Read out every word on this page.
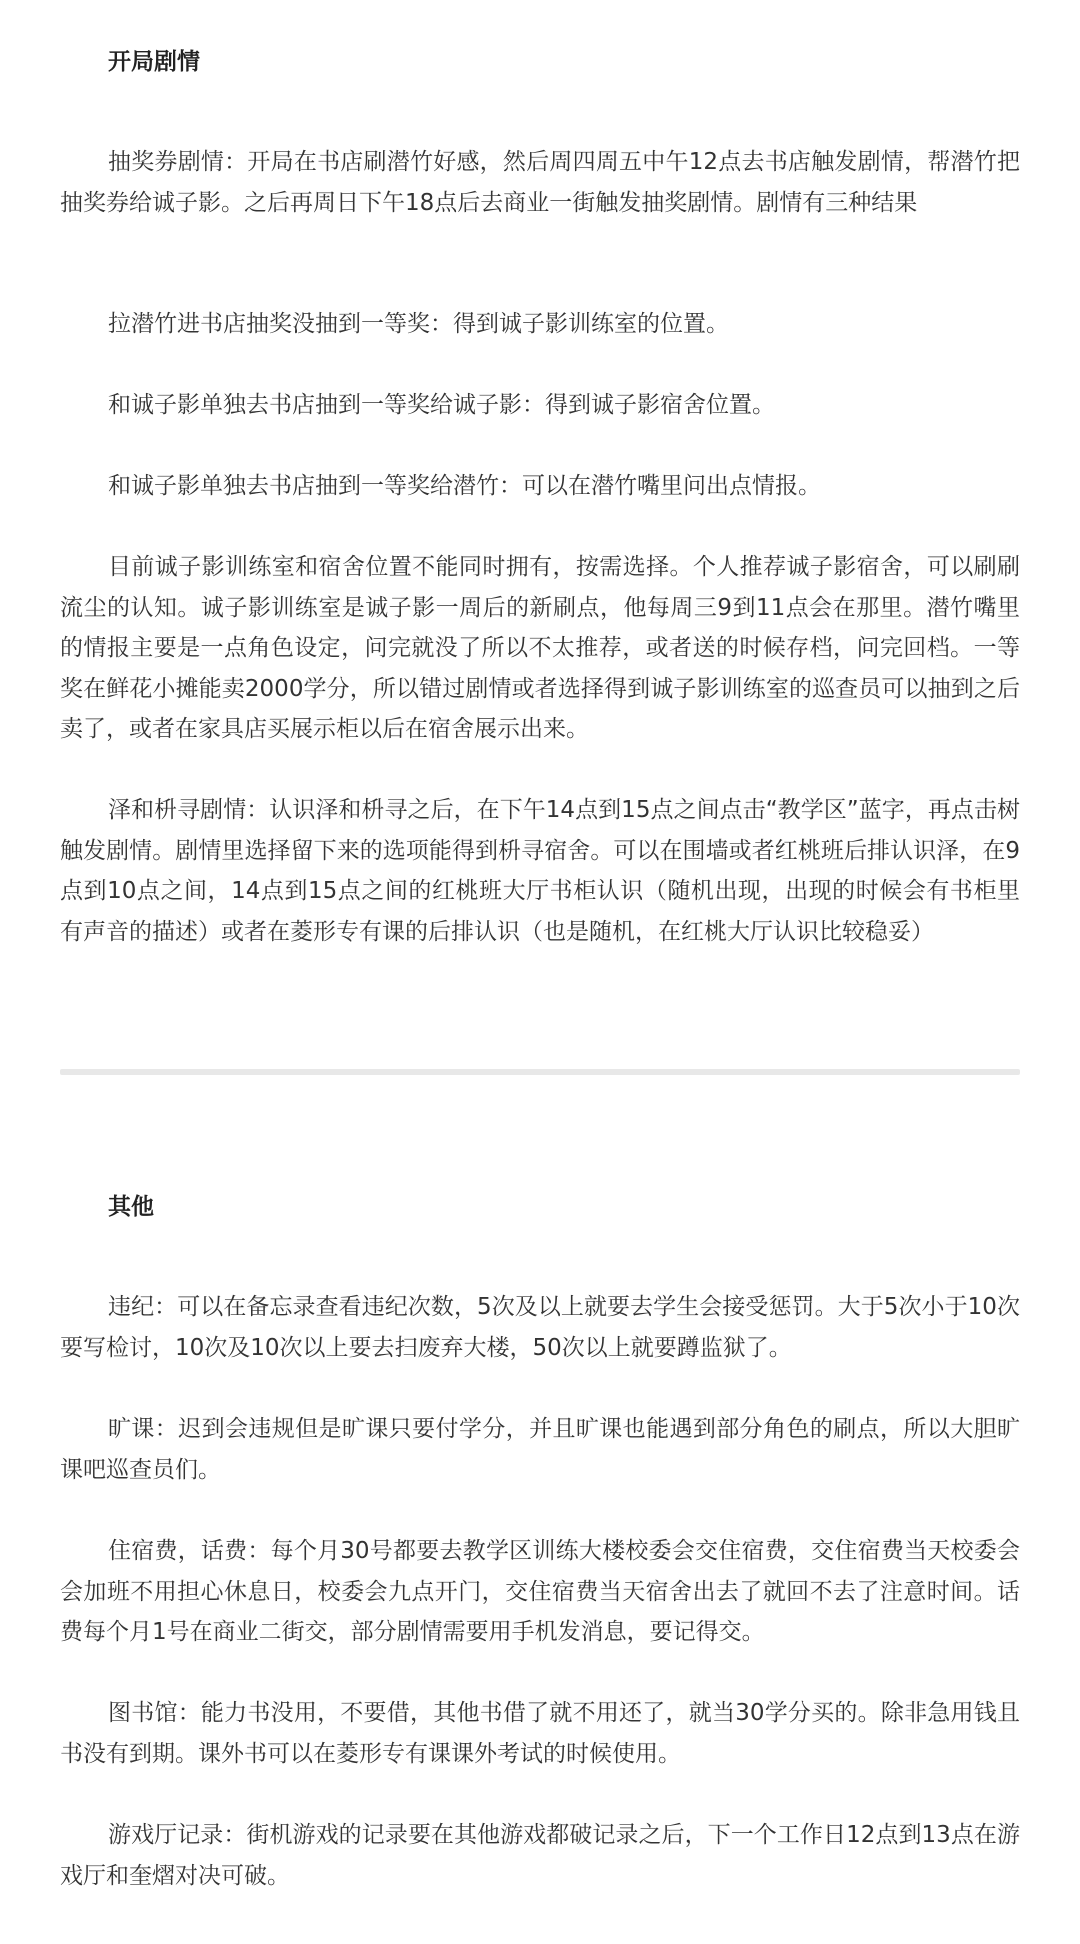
开局剧情

抽奖券剧情：开局在书店刷潜竹好感，然后周四周五中午12点去书店触发剧情，帮潜竹把抽奖券给诚子影。之后再周日下午18点后去商业一街触发抽奖剧情。剧情有三种结果

拉潜竹进书店抽奖没抽到一等奖：得到诚子影训练室的位置。

和诚子影单独去书店抽到一等奖给诚子影：得到诚子影宿舍位置。

和诚子影单独去书店抽到一等奖给潜竹：可以在潜竹嘴里问出点情报。

目前诚子影训练室和宿舍位置不能同时拥有，按需选择。个人推荐诚子影宿舍，可以刷刷流尘的认知。诚子影训练室是诚子影一周后的新刷点，他每周三9到11点会在那里。潜竹嘴里的情报主要是一点角色设定，问完就没了所以不太推荐，或者送的时候存档，问完回档。一等奖在鲜花小摊能卖2000学分，所以错过剧情或者选择得到诚子影训练室的巡查员可以抽到之后卖了，或者在家具店买展示柜以后在宿舍展示出来。

泽和枡寻剧情：认识泽和枡寻之后，在下午14点到15点之间点击“教学区”蓝字，再点击树触发剧情。剧情里选择留下来的选项能得到枡寻宿舍。可以在围墙或者红桃班后排认识泽，在9点到10点之间，14点到15点之间的红桃班大厅书柜认识（随机出现，出现的时候会有书柜里有声音的描述）或者在菱形专有课的后排认识（也是随机，在红桃大厅认识比较稳妥）

其他

违纪：可以在备忘录查看违纪次数，5次及以上就要去学生会接受惩罚。大于5次小于10次要写检讨，10次及10次以上要去扫废弃大楼，50次以上就要蹲监狱了。

旷课：迟到会违规但是旷课只要付学分，并且旷课也能遇到部分角色的刷点，所以大胆旷课吧巡查员们。

住宿费，话费：每个月30号都要去教学区训练大楼校委会交住宿费，交住宿费当天校委会会加班不用担心休息日，校委会九点开门，交住宿费当天宿舍出去了就回不去了注意时间。话费每个月1号在商业二街交，部分剧情需要用手机发消息，要记得交。

图书馆：能力书没用，不要借，其他书借了就不用还了，就当30学分买的。除非急用钱且书没有到期。课外书可以在菱形专有课课外考试的时候使用。

游戏厅记录：街机游戏的记录要在其他游戏都破记录之后，下一个工作日12点到13点在游戏厅和奎熠对决可破。
